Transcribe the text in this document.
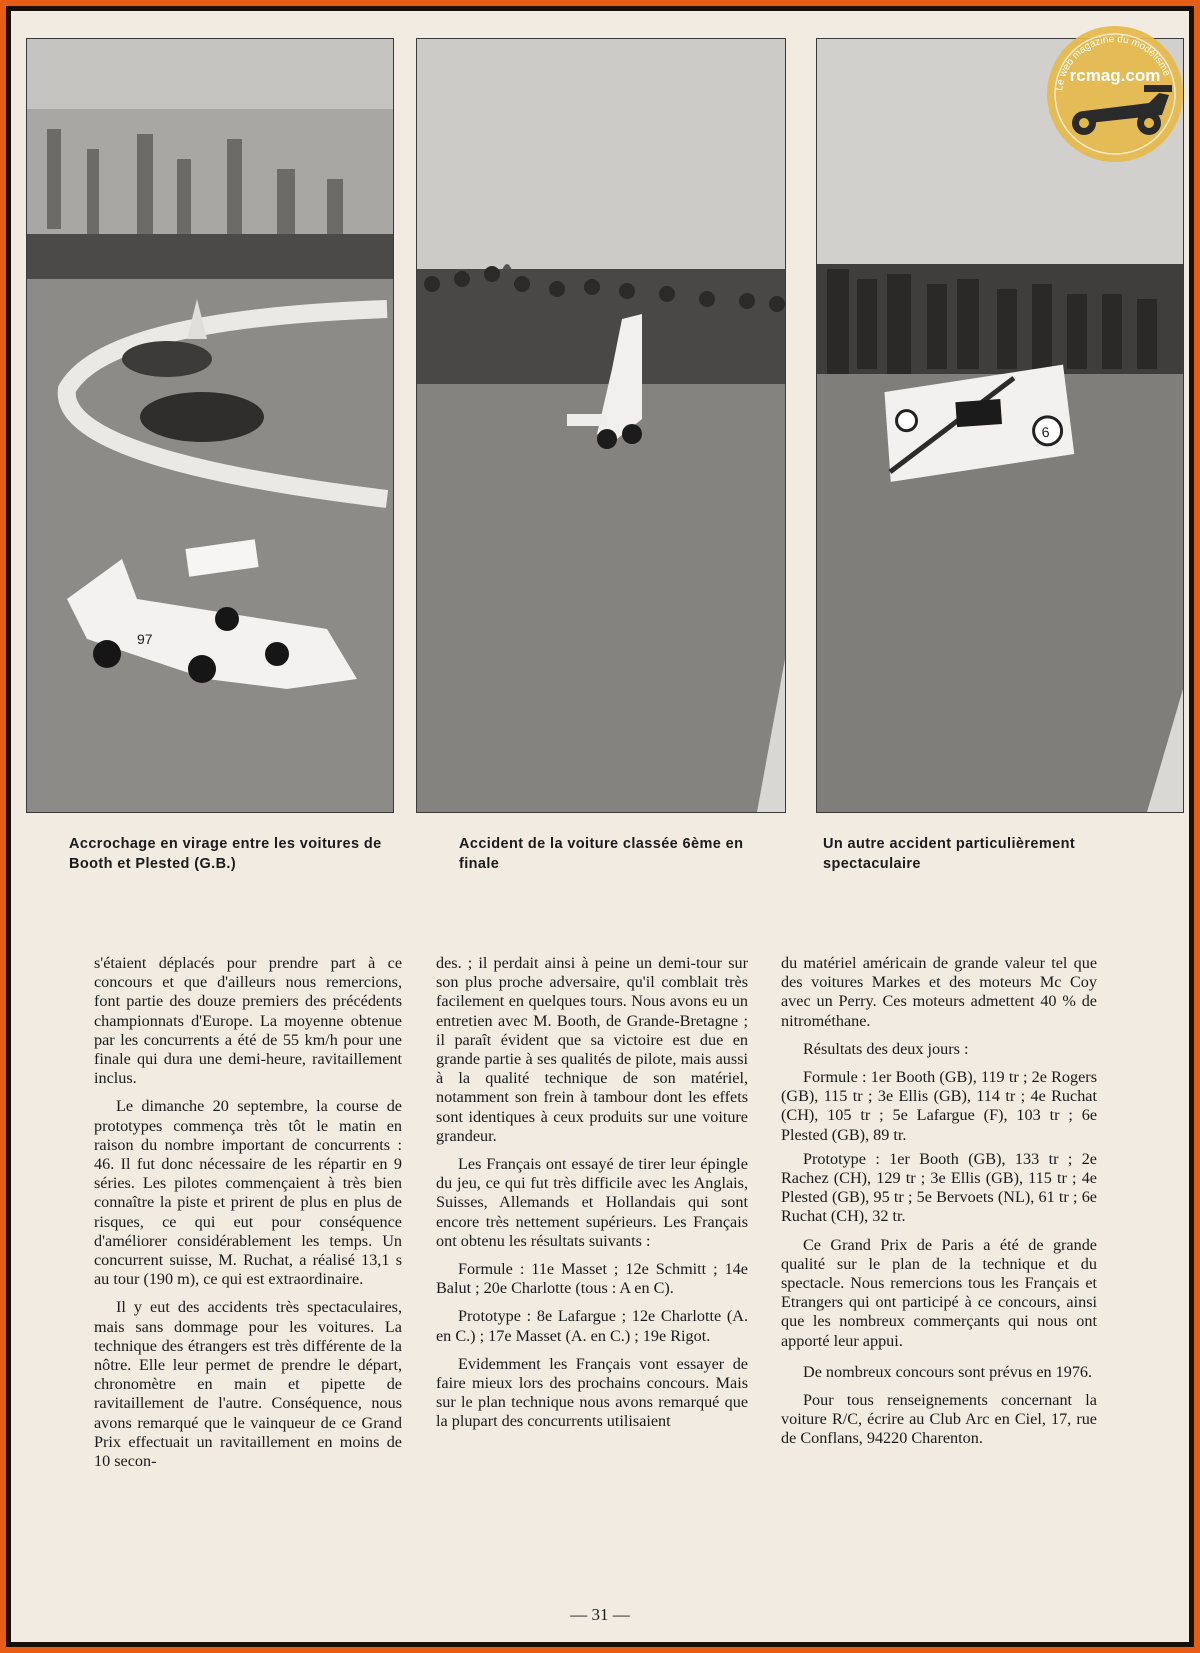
97
6
Le web magazine du modélisme
rcmag.com
Accrochage en virage entre les voitures de Booth et Plested (G.B.)
Accident de la voiture classée 6ème en finale
Un autre accident particulièrement spectaculaire

s'étaient déplacés pour prendre part à ce concours et que d'ailleurs nous remercions, font partie des douze premiers des précédents championnats d'Europe. La moyenne obtenue par les concurrents a été de 55 km/h pour une finale qui dura une demi-heure, ravitaillement inclus.

Le dimanche 20 septembre, la course de prototypes commença très tôt le matin en raison du nombre important de concurrents : 46. Il fut donc nécessaire de les répartir en 9 séries. Les pilotes commençaient à très bien connaître la piste et prirent de plus en plus de risques, ce qui eut pour conséquence d'améliorer considérablement les temps. Un concurrent suisse, M. Ruchat, a réalisé 13,1 s au tour (190 m), ce qui est extraordinaire.

Il y eut des accidents très spectaculaires, mais sans dommage pour les voitures. La technique des étrangers est très différente de la nôtre. Elle leur permet de prendre le départ, chronomètre en main et pipette de ravitaillement de l'autre. Conséquence, nous avons remarqué que le vainqueur de ce Grand Prix effectuait un ravitaillement en moins de 10 secon-

des. ; il perdait ainsi à peine un demi-tour sur son plus proche adversaire, qu'il comblait très facilement en quelques tours. Nous avons eu un entretien avec M. Booth, de Grande-Bretagne ; il paraît évident que sa victoire est due en grande partie à ses qualités de pilote, mais aussi à la qualité technique de son matériel, notamment son frein à tambour dont les effets sont identiques à ceux produits sur une voiture grandeur.

Les Français ont essayé de tirer leur épingle du jeu, ce qui fut très difficile avec les Anglais, Suisses, Allemands et Hollandais qui sont encore très nettement supérieurs. Les Français ont obtenu les résultats suivants :

Formule : 11e Masset ; 12e Schmitt ; 14e Balut ; 20e Charlotte (tous : A en C).

Prototype : 8e Lafargue ; 12e Charlotte (A. en C.) ; 17e Masset (A. en C.) ; 19e Rigot.

Evidemment les Français vont essayer de faire mieux lors des prochains concours. Mais sur le plan technique nous avons remarqué que la plupart des concurrents utilisaient

du matériel américain de grande valeur tel que des voitures Markes et des moteurs Mc Coy avec un Perry. Ces moteurs admettent 40 % de nitrométhane.

Résultats des deux jours :

Formule : 1er Booth (GB), 119 tr ; 2e Rogers (GB), 115 tr ; 3e Ellis (GB), 114 tr ; 4e Ruchat (CH), 105 tr ; 5e Lafargue (F), 103 tr ; 6e Plested (GB), 89 tr.

Prototype : 1er Booth (GB), 133 tr ; 2e Rachez (CH), 129 tr ; 3e Ellis (GB), 115 tr ; 4e Plested (GB), 95 tr ; 5e Bervoets (NL), 61 tr ; 6e Ruchat (CH), 32 tr.

Ce Grand Prix de Paris a été de grande qualité sur le plan de la technique et du spectacle. Nous remercions tous les Français et Etrangers qui ont participé à ce concours, ainsi que les nombreux commerçants qui nous ont apporté leur appui.

De nombreux concours sont prévus en 1976.

Pour tous renseignements concernant la voiture R/C, écrire au Club Arc en Ciel, 17, rue de Conflans, 94220 Charenton.

— 31 —
